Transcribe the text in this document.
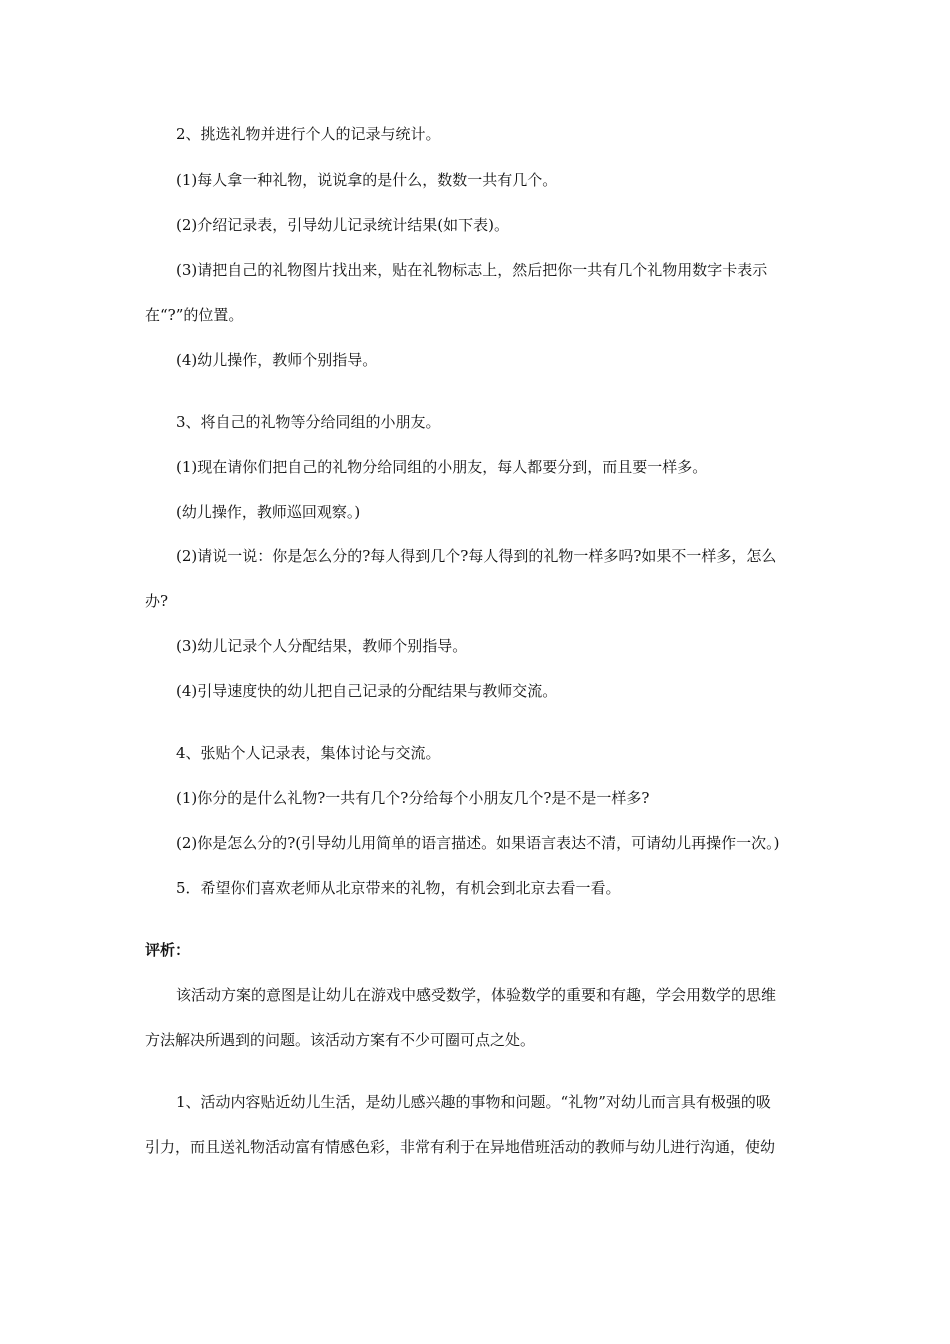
2、挑选礼物并进行个人的记录与统计。
(1)每人拿一种礼物，说说拿的是什么，数数一共有几个。
(2)介绍记录表，引导幼儿记录统计结果(如下表)。
(3)请把自己的礼物图片找出来，贴在礼物标志上，然后把你一共有几个礼物用数字卡表示
在“?”的位置。
(4)幼儿操作，教师个别指导。
3、将自己的礼物等分给同组的小朋友。
(1)现在请你们把自己的礼物分给同组的小朋友，每人都要分到，而且要一样多。
(幼儿操作，教师巡回观察。)
(2)请说一说：你是怎么分的?每人得到几个?每人得到的礼物一样多吗?如果不一样多，怎么
办?
(3)幼儿记录个人分配结果，教师个别指导。
(4)引导速度快的幼儿把自己记录的分配结果与教师交流。
4、张贴个人记录表，集体讨论与交流。
(1)你分的是什么礼物?一共有几个?分给每个小朋友几个?是不是一样多?
(2)你是怎么分的?(引导幼儿用简单的语言描述。如果语言表达不清，可请幼儿再操作一次。)
5．希望你们喜欢老师从北京带来的礼物，有机会到北京去看一看。
评析：
该活动方案的意图是让幼儿在游戏中感受数学，体验数学的重要和有趣，学会用数学的思维
方法解决所遇到的问题。该活动方案有不少可圈可点之处。
1、活动内容贴近幼儿生活，是幼儿感兴趣的事物和问题。“礼物”对幼儿而言具有极强的吸
引力，而且送礼物活动富有情感色彩，非常有利于在异地借班活动的教师与幼儿进行沟通，使幼
